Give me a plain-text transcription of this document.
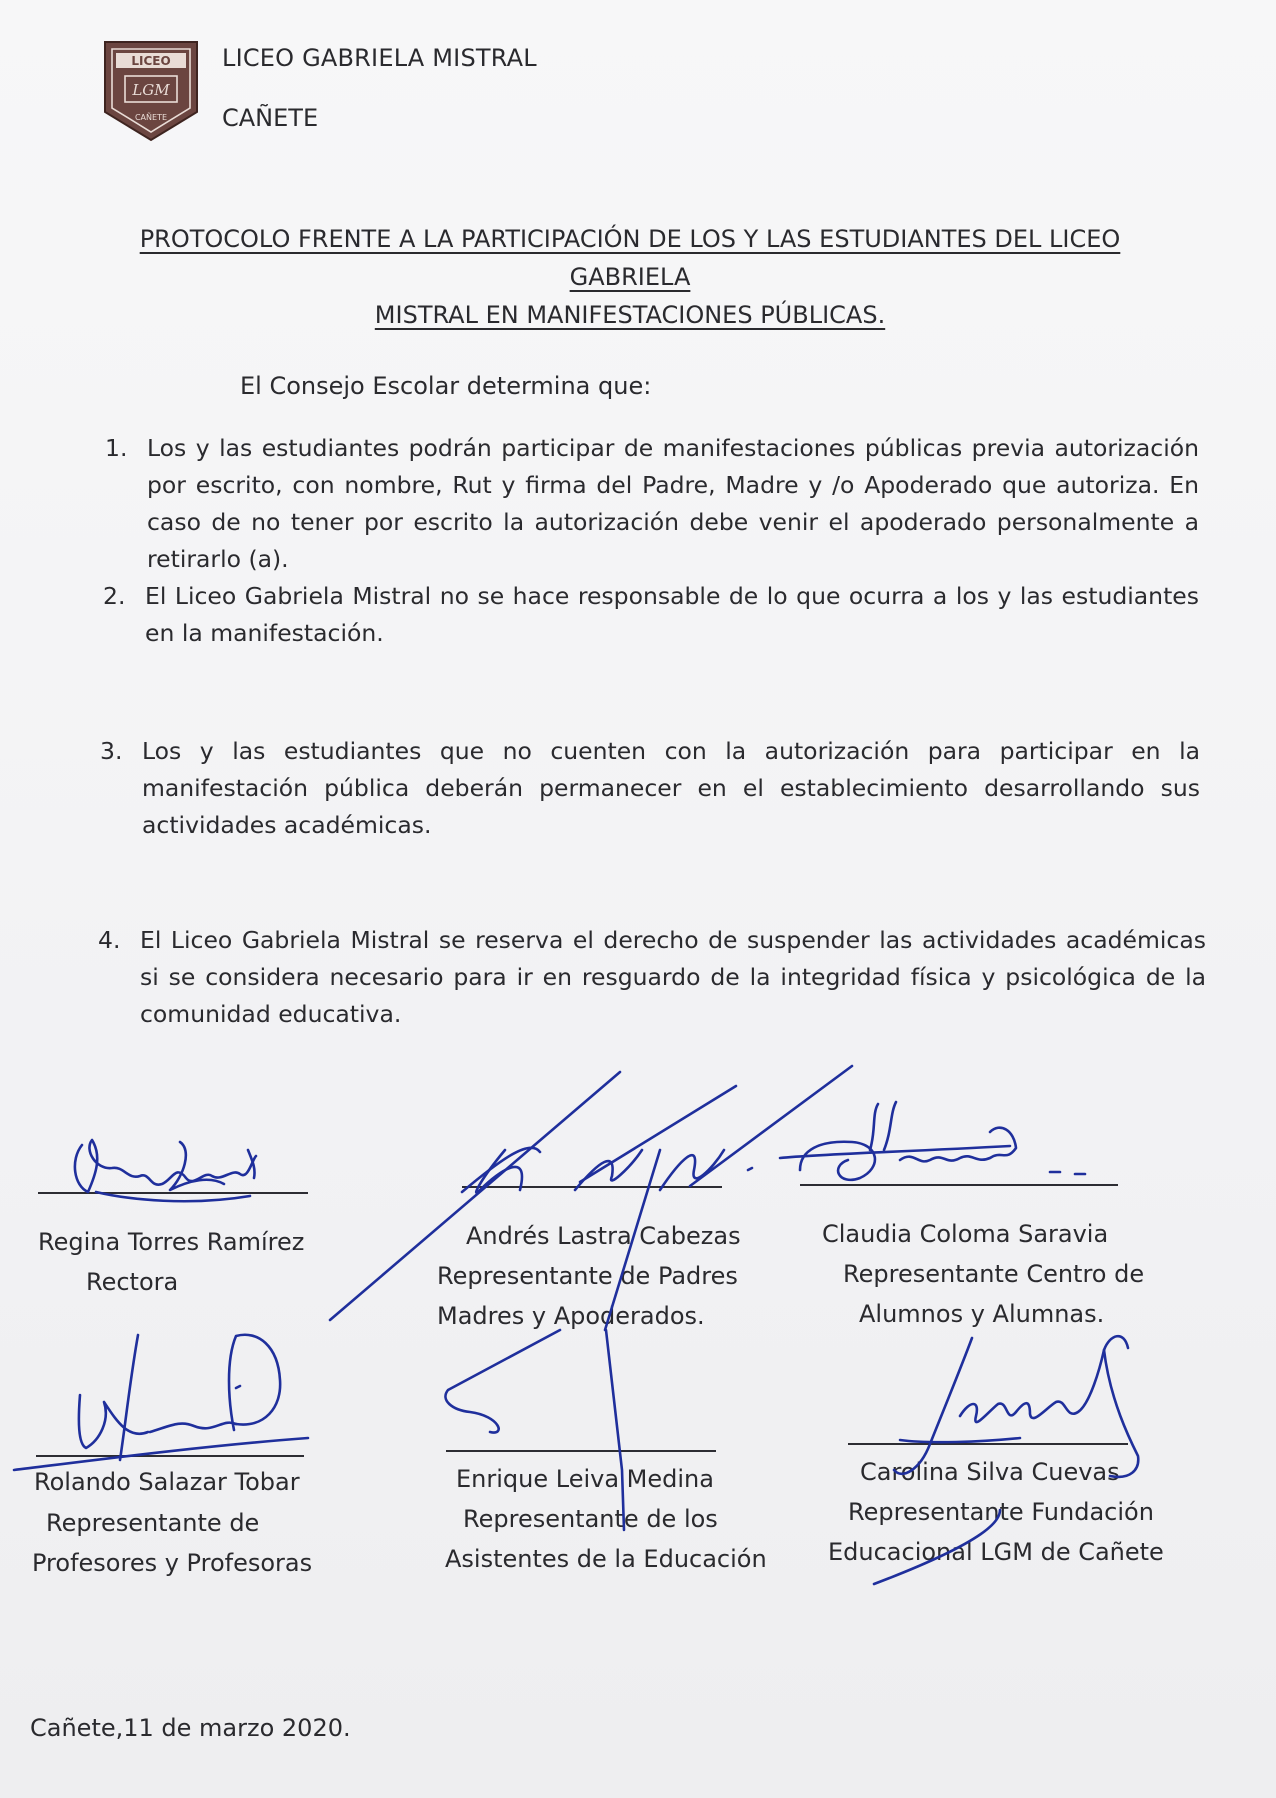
LICEO
LGM
CAÑETE
LICEO GABRIELA MISTRAL
CAÑETE
PROTOCOLO FRENTE A LA PARTICIPACIÓN DE LOS Y LAS ESTUDIANTES DEL LICEO GABRIELA
MISTRAL EN MANIFESTACIONES PÚBLICAS.
El Consejo Escolar determina que:
1. Los y las estudiantes podrán participar de manifestaciones públicas previa autorización por escrito, con nombre, Rut y firma del Padre, Madre y /o Apoderado que autoriza. En caso de no tener por escrito la autorización debe venir el apoderado personalmente a retirarlo (a).
2. El Liceo Gabriela Mistral no se hace responsable de lo que ocurra a los y las estudiantes en la manifestación.
3. Los y las estudiantes que no cuenten con la autorización para participar en la manifestación pública deberán permanecer en el establecimiento desarrollando sus actividades académicas.
4. El Liceo Gabriela Mistral se reserva el derecho de suspender las actividades académicas si se considera necesario para ir en resguardo de la integridad física y psicológica de la comunidad educativa.
Regina Torres Ramírez
Rectora
Andrés Lastra Cabezas
Representante de Padres
Madres y Apoderados.
Claudia Coloma Saravia
Representante Centro de
Alumnos y Alumnas.
Rolando Salazar Tobar
Representante de
Profesores y Profesoras
Enrique Leiva Medina
Representante de los
Asistentes de la Educación
Carolina Silva Cuevas
Representante Fundación
Educacional LGM de Cañete
Cañete,11 de marzo 2020.
